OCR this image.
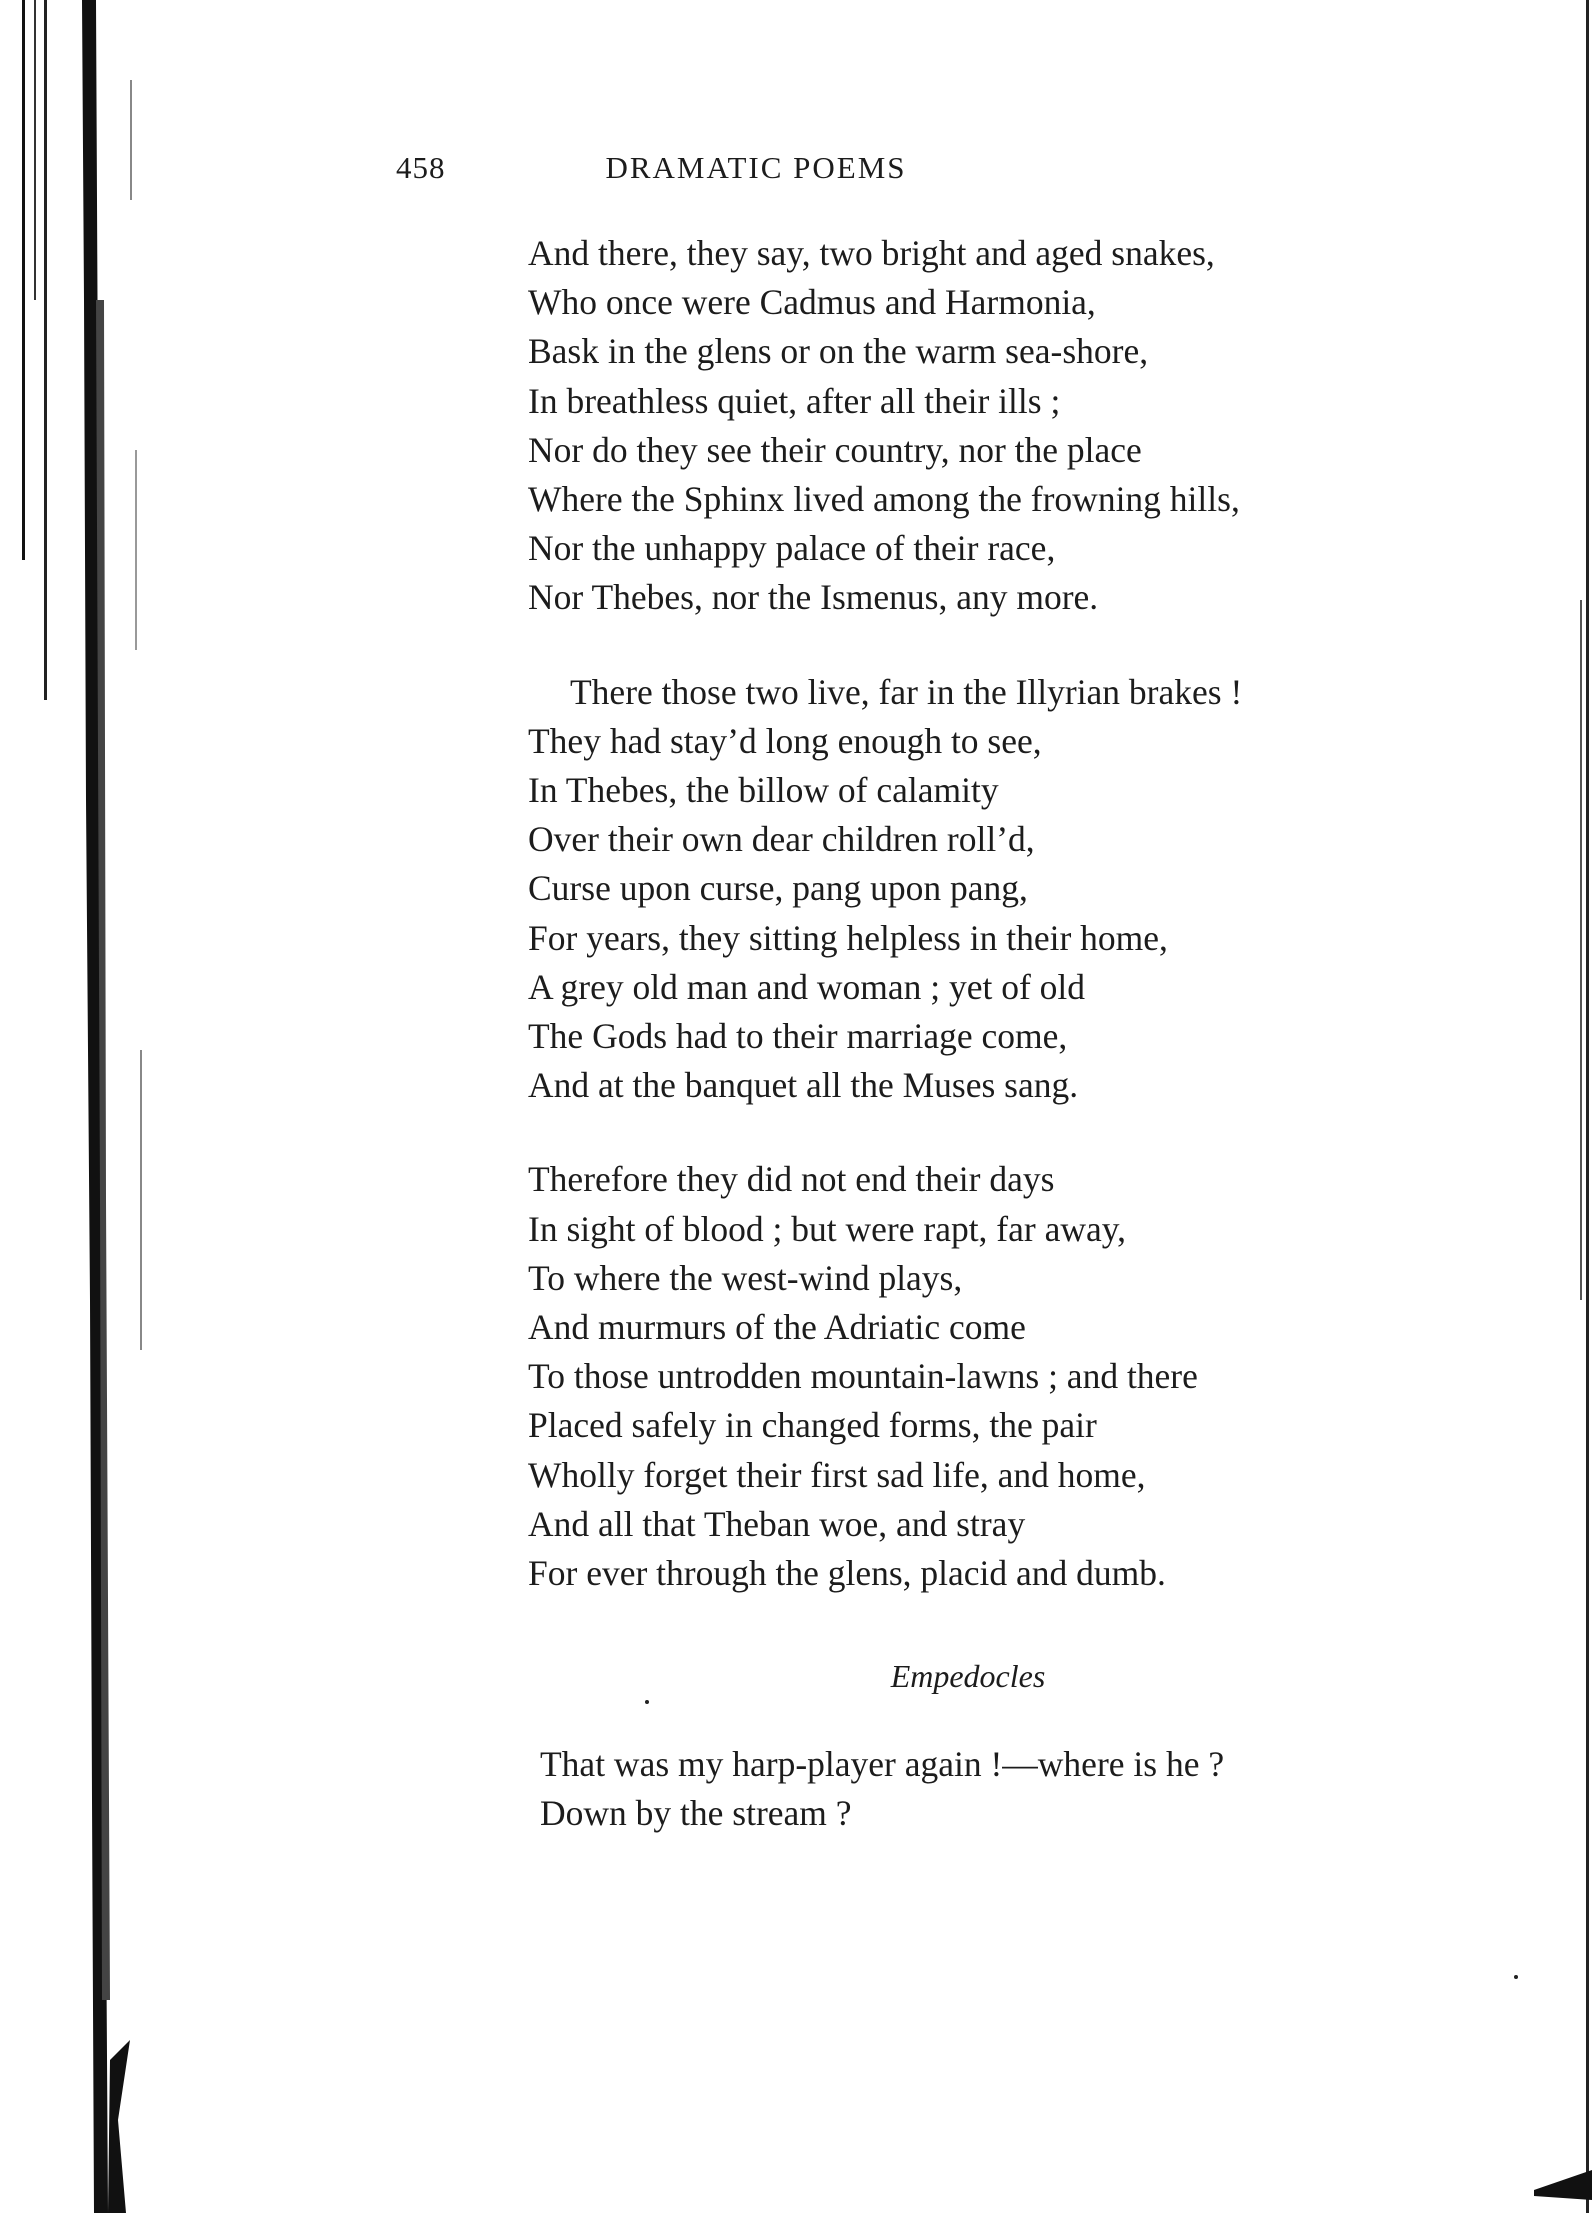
458	DRAMATIC POEMS
And there, they say, two bright and aged snakes,
Who once were Cadmus and Harmonia,
Bask in the glens or on the warm sea-shore,
In breathless quiet, after all their ills ;
Nor do they see their country, nor the place
Where the Sphinx lived among the frowning hills,
Nor the unhappy palace of their race,
Nor Thebes, nor the Ismenus, any more.
There those two live, far in the Illyrian brakes !
They had stay’d long enough to see,
In Thebes, the billow of calamity
Over their own dear children roll’d,
Curse upon curse, pang upon pang,
For years, they sitting helpless in their home,
A grey old man and woman ; yet of old
The Gods had to their marriage come,
And at the banquet all the Muses sang.
Therefore they did not end their days
In sight of blood ; but were rapt, far away,
To where the west-wind plays,
And murmurs of the Adriatic come
To those untrodden mountain-lawns ; and there
Placed safely in changed forms, the pair
Wholly forget their first sad life, and home,
And all that Theban woe, and stray
For ever through the glens, placid and dumb.
Empedocles
That was my harp-player again !—where is he ?
Down by the stream ?
